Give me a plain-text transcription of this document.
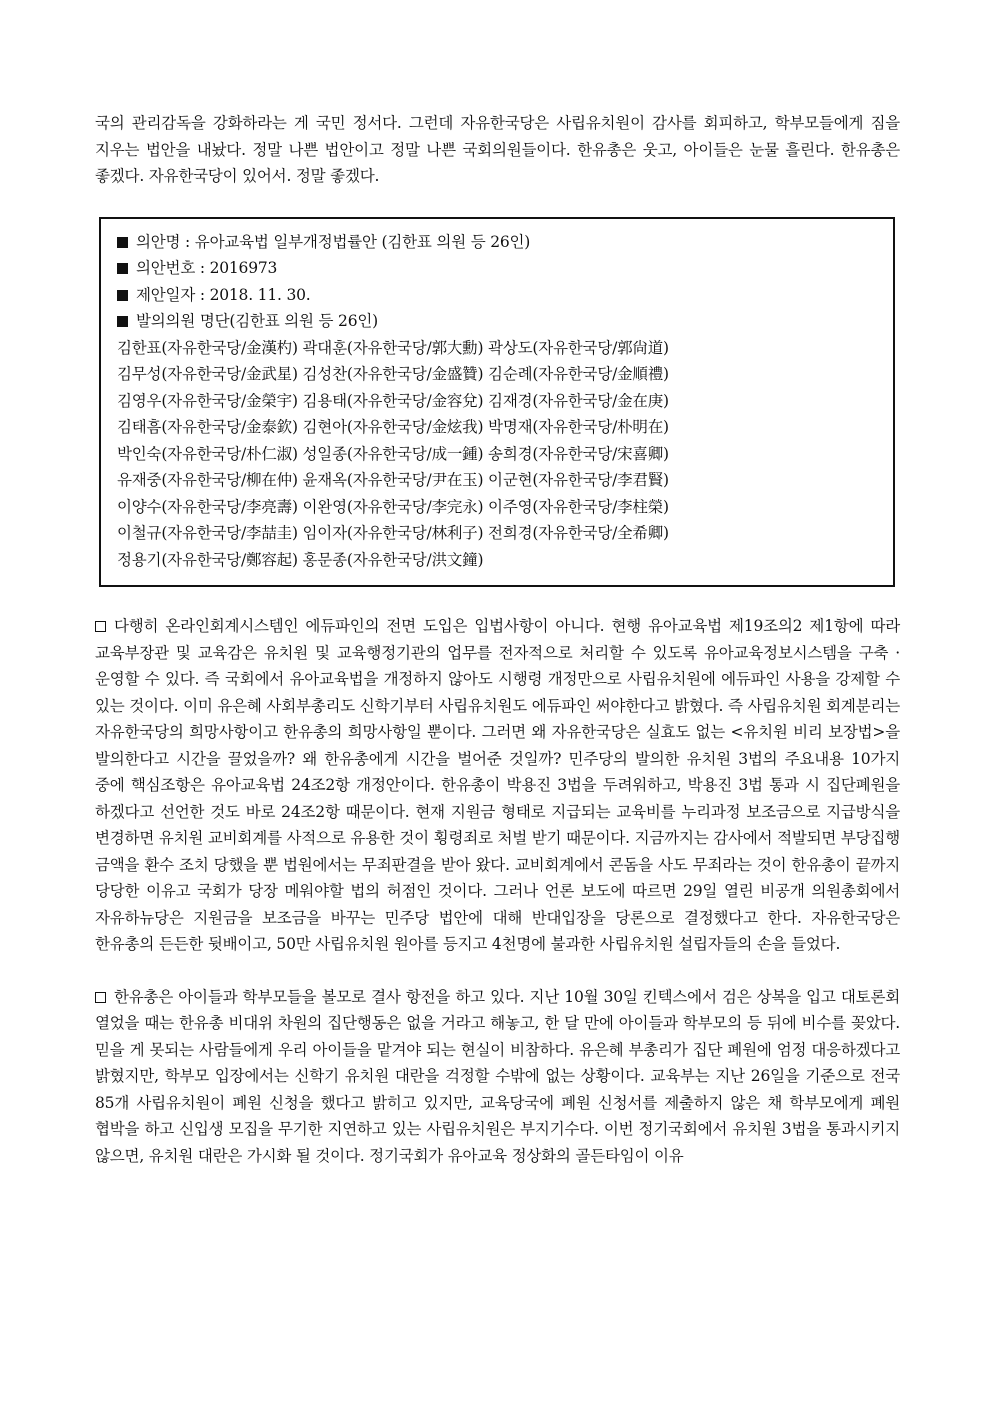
국의 관리감독을 강화하라는 게 국민 정서다. 그런데 자유한국당은 사립유치원이 감사를 회피하고, 학부모들에게 짐을 지우는 법안을 내놨다. 정말 나쁜 법안이고 정말 나쁜 국회의원들이다. 한유총은 웃고, 아이들은 눈물 흘린다. 한유총은 좋겠다. 자유한국당이 있어서. 정말 좋겠다.

의안명 : 유아교육법 일부개정법률안 (김한표 의원 등 26인)
의안번호 : 2016973
제안일자 : 2018. 11. 30.
발의의원 명단(김한표 의원 등 26인)
김한표(자유한국당/金漢杓) 곽대훈(자유한국당/郭大勳) 곽상도(자유한국당/郭尙道)
김무성(자유한국당/金武星) 김성찬(자유한국당/金盛贊) 김순례(자유한국당/金順禮)
김영우(자유한국당/金榮宇) 김용태(자유한국당/金容兌) 김재경(자유한국당/金在庚)
김태흠(자유한국당/金泰欽) 김현아(자유한국당/金炫我) 박명재(자유한국당/朴明在)
박인숙(자유한국당/朴仁淑) 성일종(자유한국당/成一鍾) 송희경(자유한국당/宋喜卿)
유재중(자유한국당/柳在仲) 윤재옥(자유한국당/尹在玉) 이군현(자유한국당/李君賢)
이양수(자유한국당/李亮壽) 이완영(자유한국당/李完永) 이주영(자유한국당/李柱榮)
이철규(자유한국당/李喆圭) 임이자(자유한국당/林利子) 전희경(자유한국당/全希卿)
정용기(자유한국당/鄭容起) 홍문종(자유한국당/洪文鐘)

다행히 온라인회계시스템인 에듀파인의 전면 도입은 입법사항이 아니다. 현행 유아교육법 제19조의2 제1항에 따라 교육부장관 및 교육감은 유치원 및 교육행정기관의 업무를 전자적으로 처리할 수 있도록 유아교육정보시스템을 구축 · 운영할 수 있다. 즉 국회에서 유아교육법을 개정하지 않아도 시행령 개정만으로 사립유치원에 에듀파인 사용을 강제할 수 있는 것이다. 이미 유은혜 사회부총리도 신학기부터 사립유치원도 에듀파인 써야한다고 밝혔다. 즉 사립유치원 회계분리는 자유한국당의 희망사항이고 한유총의 희망사항일 뿐이다. 그러면 왜 자유한국당은 실효도 없는 <유치원 비리 보장법>을 발의한다고 시간을 끌었을까? 왜 한유총에게 시간을 벌어준 것일까? 민주당의 발의한 유치원 3법의 주요내용 10가지 중에 핵심조항은 유아교육법 24조2항 개정안이다. 한유총이 박용진 3법을 두려워하고, 박용진 3법 통과 시 집단폐원을 하겠다고 선언한 것도 바로 24조2항 때문이다. 현재 지원금 형태로 지급되는 교육비를 누리과정 보조금으로 지급방식을 변경하면 유치원 교비회계를 사적으로 유용한 것이 횡령죄로 처벌 받기 때문이다. 지금까지는 감사에서 적발되면 부당집행 금액을 환수 조치 당했을 뿐 법원에서는 무죄판결을 받아 왔다. 교비회계에서 콘돔을 사도 무죄라는 것이 한유총이 끝까지 당당한 이유고 국회가 당장 메워야할 법의 허점인 것이다. 그러나 언론 보도에 따르면 29일 열린 비공개 의원총회에서 자유하뉴당은 지원금을 보조금을 바꾸는 민주당 법안에 대해 반대입장을 당론으로 결정했다고 한다. 자유한국당은 한유총의 든든한 뒷배이고, 50만 사립유치원 원아를 등지고 4천명에 불과한 사립유치원 설립자들의 손을 들었다.

한유총은 아이들과 학부모들을 볼모로 결사 항전을 하고 있다. 지난 10월 30일 킨텍스에서 검은 상복을 입고 대토론회 열었을 때는 한유총 비대위 차원의 집단행동은 없을 거라고 해놓고, 한 달 만에 아이들과 학부모의 등 뒤에 비수를 꽂았다. 믿을 게 못되는 사람들에게 우리 아이들을 맡겨야 되는 현실이 비참하다. 유은혜 부총리가 집단 폐원에 엄정 대응하겠다고 밝혔지만, 학부모 입장에서는 신학기 유치원 대란을 걱정할 수밖에 없는 상황이다. 교육부는 지난 26일을 기준으로 전국 85개 사립유치원이 폐원 신청을 했다고 밝히고 있지만, 교육당국에 폐원 신청서를 제출하지 않은 채 학부모에게 폐원 협박을 하고 신입생 모집을 무기한 지연하고 있는 사립유치원은 부지기수다. 이번 정기국회에서 유치원 3법을 통과시키지 않으면, 유치원 대란은 가시화 될 것이다. 정기국회가 유아교육 정상화의 골든타임이 이유
